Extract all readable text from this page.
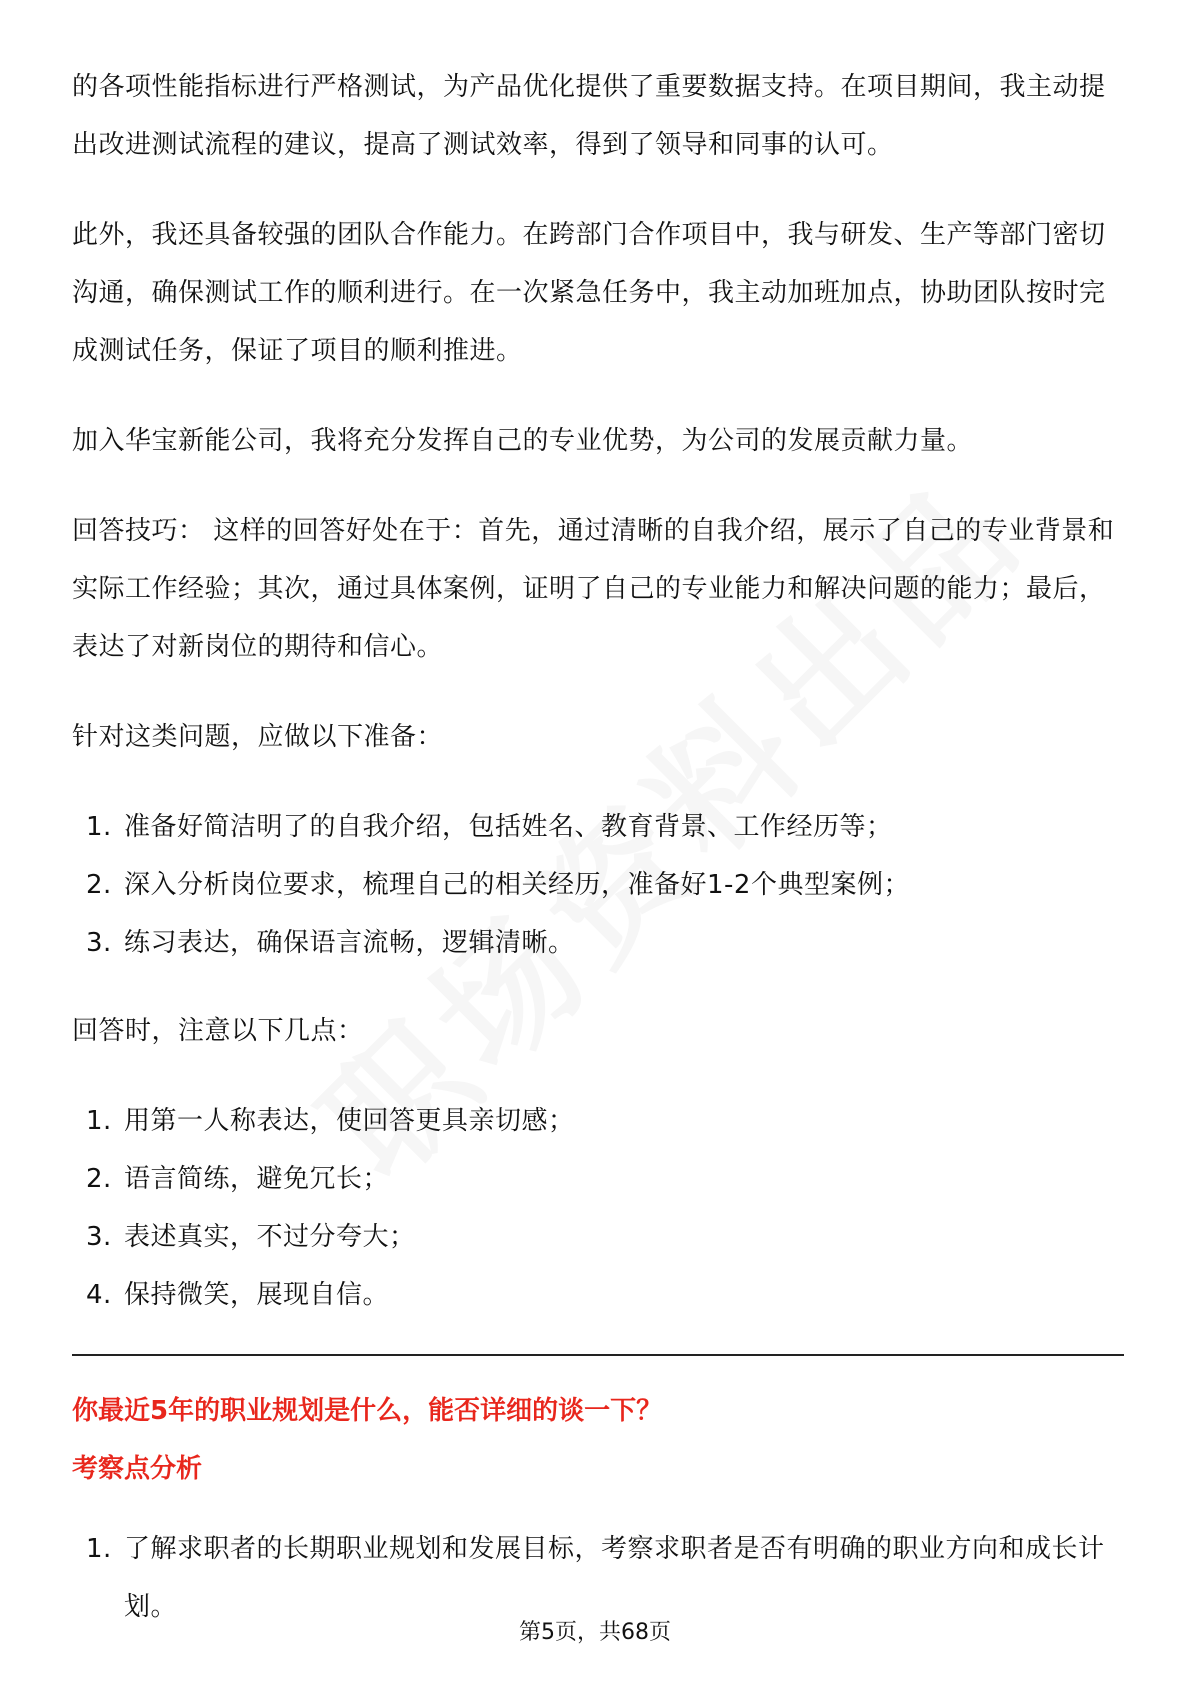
的各项性能指标进行严格测试，为产品优化提供了重要数据支持。在项目期间，我主动提出改进测试流程的建议，提高了测试效率，得到了领导和同事的认可。

此外，我还具备较强的团队合作能力。在跨部门合作项目中，我与研发、生产等部门密切沟通，确保测试工作的顺利进行。在一次紧急任务中，我主动加班加点，协助团队按时完成测试任务，保证了项目的顺利推进。

加入华宝新能公司，我将充分发挥自己的专业优势，为公司的发展贡献力量。

回答技巧： 这样的回答好处在于：首先，通过清晰的自我介绍，展示了自己的专业背景和实际工作经验；其次，通过具体案例，证明了自己的专业能力和解决问题的能力；最后，表达了对新岗位的期待和信心。

针对这类问题，应做以下准备：

1. 准备好简洁明了的自我介绍，包括姓名、教育背景、工作经历等；
2. 深入分析岗位要求，梳理自己的相关经历，准备好1-2个典型案例；
3. 练习表达，确保语言流畅，逻辑清晰。

回答时，注意以下几点：

1. 用第一人称表达，使回答更具亲切感；
2. 语言简练，避免冗长；
3. 表述真实，不过分夸大；
4. 保持微笑，展现自信。

你最近5年的职业规划是什么，能否详细的谈一下？

考察点分析

1. 了解求职者的长期职业规划和发展目标，考察求职者是否有明确的职业方向和成长计划。
第5页，共68页
